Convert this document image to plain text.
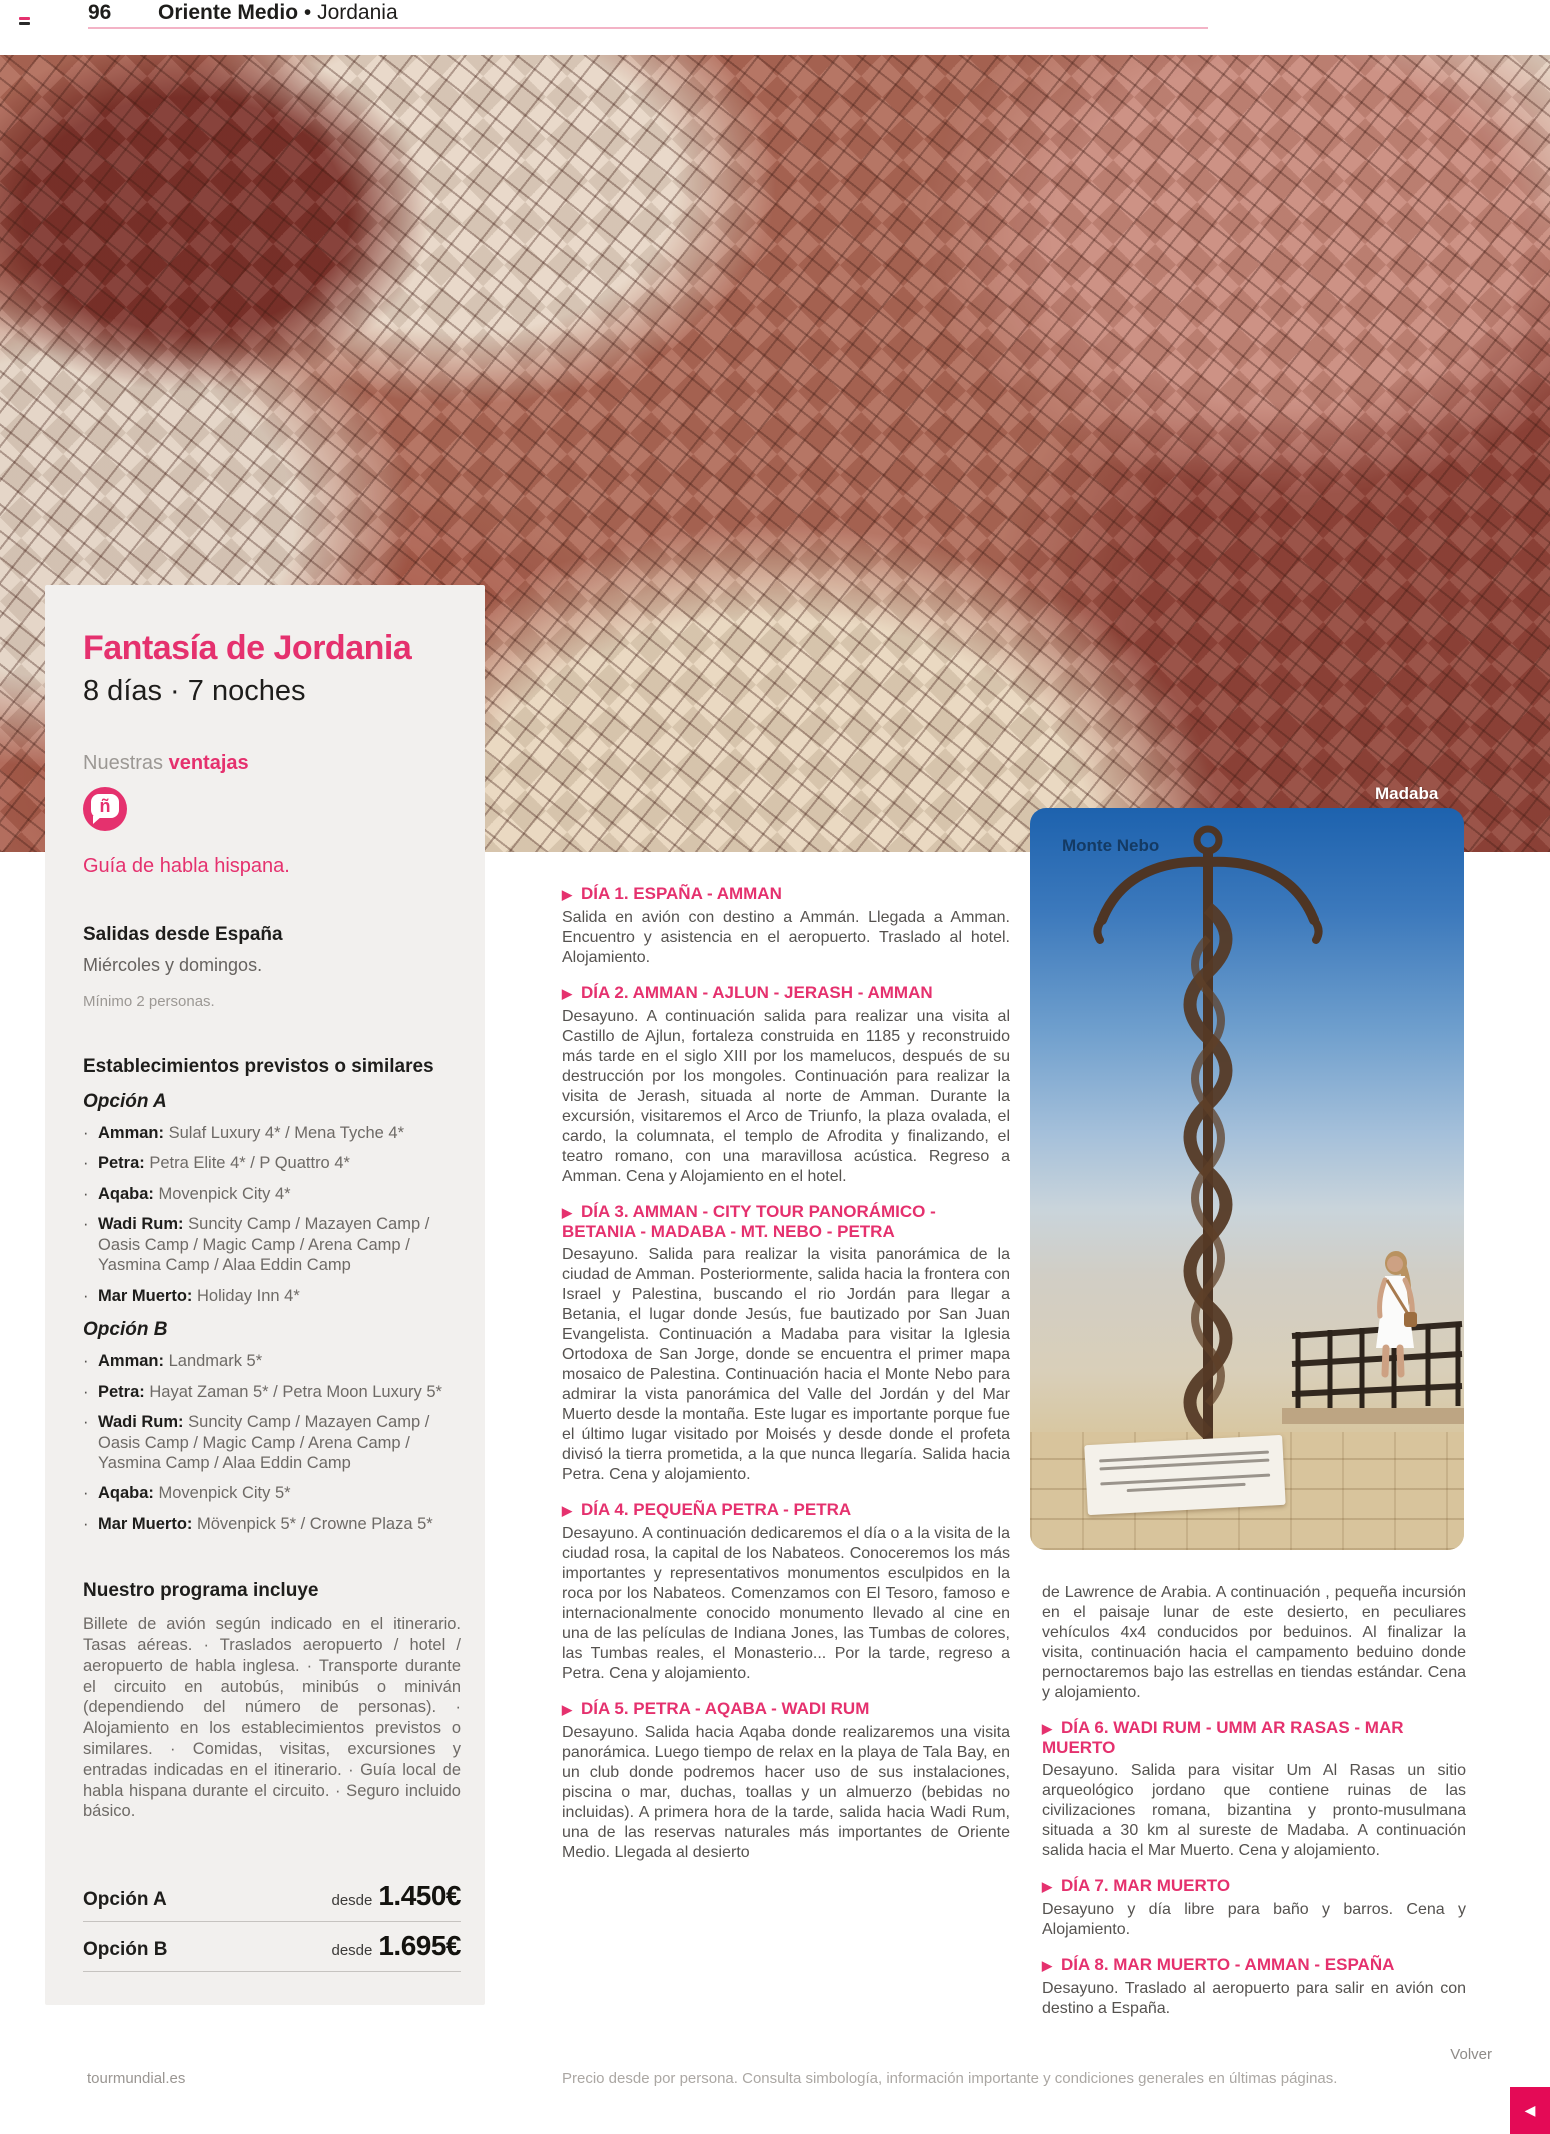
96 Oriente Medio • Jordania
Madaba
Monte Nebo
Fantasía de Jordania
8 días · 7 noches
Nuestras ventajas
ñ
Guía de habla hispana.
Salidas desde España
Miércoles y domingos.
Mínimo 2 personas.
Establecimientos previstos o similares
Opción A
· Amman: Sulaf Luxury 4* / Mena Tyche 4*
· Petra: Petra Elite 4* / P Quattro 4*
· Aqaba: Movenpick City 4*
· Wadi Rum: Suncity Camp / Mazayen Camp / Oasis Camp / Magic Camp / Arena Camp / Yasmina Camp / Alaa Eddin Camp
· Mar Muerto: Holiday Inn 4*
Opción B
· Amman: Landmark 5*
· Petra: Hayat Zaman 5* / Petra Moon Luxury 5*
· Wadi Rum: Suncity Camp / Mazayen Camp / Oasis Camp / Magic Camp / Arena Camp / Yasmina Camp / Alaa Eddin Camp
· Aqaba: Movenpick City 5*
· Mar Muerto: Mövenpick 5* / Crowne Plaza 5*
Nuestro programa incluye
Billete de avión según indicado en el itinerario. Tasas aéreas. · Traslados aeropuerto / hotel / aeropuerto de habla inglesa. · Transporte durante el circuito en autobús, minibús o miniván (dependiendo del número de personas). · Alojamiento en los establecimientos previstos o similares. · Comidas, visitas, excursiones y entradas indicadas en el itinerario. · Guía local de habla hispana durante el circuito. · Seguro incluido básico.
Opción A	desde 1.450€
Opción B	desde 1.695€

▶ DÍA 1. ESPAÑA - AMMAN

Salida en avión con destino a Ammán. Llegada a Amman. Encuentro y asistencia en el aeropuerto. Traslado al hotel. Alojamiento.

▶ DÍA 2. AMMAN - AJLUN - JERASH - AMMAN

Desayuno. A continuación salida para realizar una visita al Castillo de Ajlun, fortaleza construida en 1185 y reconstruido más tarde en el siglo XIII por los mamelucos, después de su destrucción por los mongoles. Continuación para realizar la visita de Jerash, situada al norte de Amman. Durante la excursión, visitaremos el Arco de Triunfo, la plaza ovalada, el cardo, la columnata, el templo de Afrodita y finalizando, el teatro romano, con una maravillosa acústica. Regreso a Amman. Cena y Alojamiento en el hotel.

▶ DÍA 3. AMMAN - CITY TOUR PANORÁMICO - BETANIA - MADABA - MT. NEBO - PETRA

Desayuno. Salida para realizar la visita panorámica de la ciudad de Amman. Posteriormente, salida hacia la frontera con Israel y Palestina, buscando el rio Jordán para llegar a Betania, el lugar donde Jesús, fue bautizado por San Juan Evangelista. Continuación a Madaba para visitar la Iglesia Ortodoxa de San Jorge, donde se encuentra el primer mapa mosaico de Palestina. Continuación hacia el Monte Nebo para admirar la vista panorámica del Valle del Jordán y del Mar Muerto desde la montaña. Este lugar es importante porque fue el último lugar visitado por Moisés y desde donde el profeta divisó la tierra prometida, a la que nunca llegaría. Salida hacia Petra. Cena y alojamiento.

▶ DÍA 4. PEQUEÑA PETRA - PETRA

Desayuno. A continuación dedicaremos el día o a la visita de la ciudad rosa, la capital de los Nabateos. Conoceremos los más importantes y representativos monumentos esculpidos en la roca por los Nabateos. Comenzamos con El Tesoro, famoso e internacionalmente conocido monumento llevado al cine en una de las películas de Indiana Jones, las Tumbas de colores, las Tumbas reales, el Monasterio... Por la tarde, regreso a Petra. Cena y alojamiento.

▶ DÍA 5. PETRA - AQABA - WADI RUM

Desayuno. Salida hacia Aqaba donde realizaremos una visita panorámica. Luego tiempo de relax en la playa de Tala Bay, en un club donde podremos hacer uso de sus instalaciones, piscina o mar, duchas, toallas y un almuerzo (bebidas no incluidas). A primera hora de la tarde, salida hacia Wadi Rum, una de las reservas naturales más importantes de Oriente Medio. Llegada al desierto

de Lawrence de Arabia. A continuación , pequeña incursión en el paisaje lunar de este desierto, en peculiares vehículos 4x4 conducidos por beduinos. Al finalizar la visita, continuación hacia el campamento beduino donde pernoctaremos bajo las estrellas en tiendas estándar. Cena y alojamiento.

▶ DÍA 6. WADI RUM - UMM AR RASAS - MAR MUERTO

Desayuno. Salida para visitar Um Al Rasas un sitio arqueológico jordano que contiene ruinas de las civilizaciones romana, bizantina y pronto-musulmana situada a 30 km al sureste de Madaba. A continuación salida hacia el Mar Muerto. Cena y alojamiento.

▶ DÍA 7. MAR MUERTO

Desayuno y día libre para baño y barros. Cena y Alojamiento.

▶ DÍA 8. MAR MUERTO - AMMAN - ESPAÑA

Desayuno. Traslado al aeropuerto para salir en avión con destino a España.

tourmundial.es	Precio desde por persona. Consulta simbología, información importante y condiciones generales en últimas páginas.
Volver
◀
